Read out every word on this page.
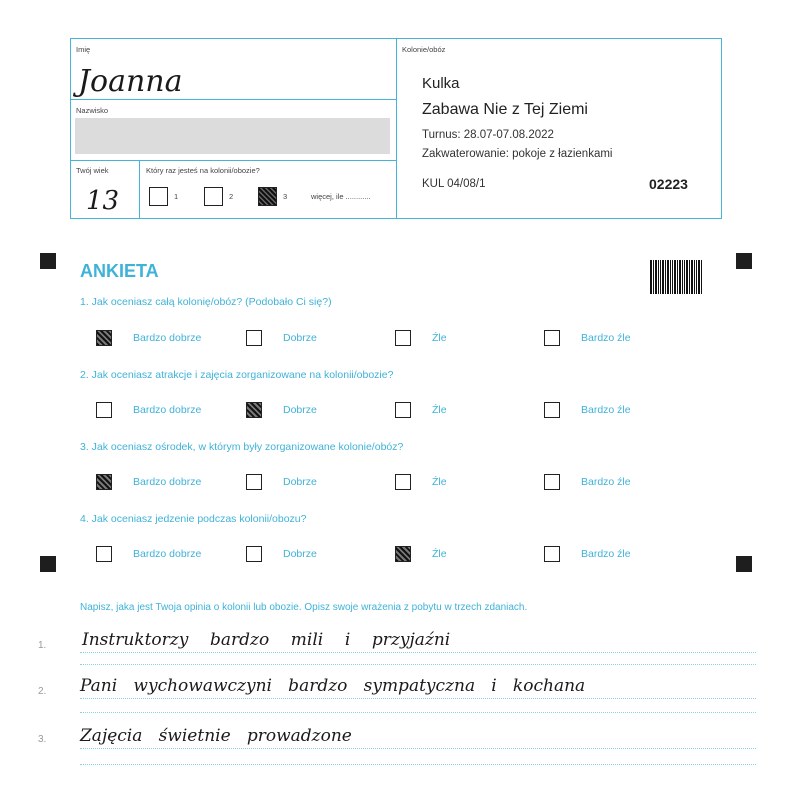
Imię
Joanna
Nazwisko
Twój wiek
13
Który raz jesteś na kolonii/obozie?
1	2	3	więcej, ile ............
Kolonie/obóz
Kulka
Zabawa Nie z Tej Ziemi
Turnus: 28.07-07.08.2022
Zakwaterowanie: pokoje z łazienkami
KUL 04/08/1	02223
ANKIETA
1. Jak oceniasz całą kolonię/obóz? (Podobało Ci się?)
Bardzo dobrze	Dobrze	Źle	Bardzo źle
2. Jak oceniasz atrakcje i zajęcia zorganizowane na kolonii/obozie?
Bardzo dobrze	Dobrze	Źle	Bardzo źle
3. Jak oceniasz ośrodek, w którym były zorganizowane kolonie/obóz?
Bardzo dobrze	Dobrze	Źle	Bardzo źle
4. Jak oceniasz jedzenie podczas kolonii/obozu?
Bardzo dobrze	Dobrze	Źle	Bardzo źle
Napisz, jaka jest Twoja opinia o kolonii lub obozie. Opisz swoje wrażenia z pobytu w trzech zdaniach.
1. Instruktorzy    bardzo    mili    i    przyjaźni
2. Pani   wychowawczyni   bardzo   sympatyczna   i   kochana
3. Zajęcia   świetnie   prowadzone
